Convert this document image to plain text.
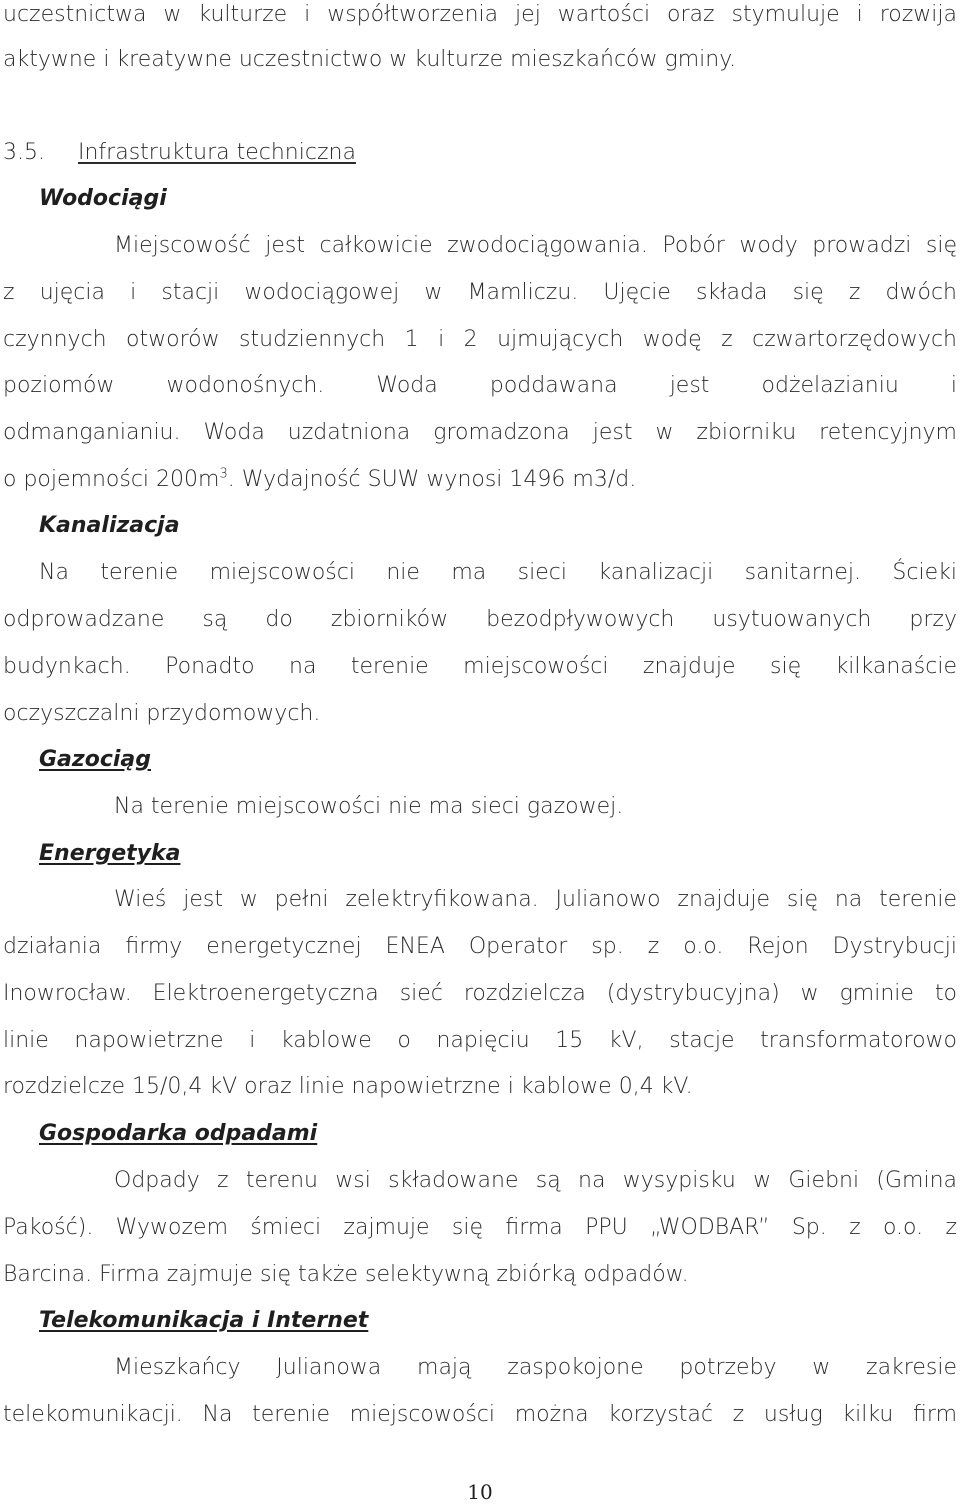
uczestnictwa w kulturze i współtworzenia jej wartości oraz stymuluje i rozwija
aktywne i kreatywne uczestnictwo w kulturze mieszkańców gminy.
3.5. Infrastruktura techniczna
Wodociągi
Miejscowość jest całkowicie zwodociągowania. Pobór wody prowadzi się
z ujęcia i stacji wodociągowej w Mamliczu. Ujęcie składa się z dwóch
czynnych otworów studziennych 1 i 2 ujmujących wodę z czwartorzędowych
poziomów wodonośnych. Woda poddawana jest odżelazianiu i
odmanganianiu. Woda uzdatniona gromadzona jest w zbiorniku retencyjnym
o pojemności $200m^3$. Wydajność SUW wynosi 1496 m3/d.
Kanalizacja
Na terenie miejscowości nie ma sieci kanalizacji sanitarnej. Ścieki
odprowadzane są do zbiorników bezodpływowych usytuowanych przy
budynkach. Ponadto na terenie miejscowości znajduje się kilkanaście
oczyszczalni przydomowych.
Gazociąg
Na terenie miejscowości nie ma sieci gazowej.
Energetyka
Wieś jest w pełni zelektryfikowana. Julianowo znajduje się na terenie
działania firmy energetycznej ENEA Operator sp. z o.o. Rejon Dystrybucji
Inowrocław. Elektroenergetyczna sieć rozdzielcza (dystrybucyjna) w gminie to
linie napowietrzne i kablowe o napięciu 15 kV, stacje transformatorowo
rozdzielcze 15/0,4 kV oraz linie napowietrzne i kablowe 0,4 kV.
Gospodarka odpadami
Odpady z terenu wsi składowane są na wysypisku w Giebni (Gmina
Pakość). Wywozem śmieci zajmuje się firma PPU „WODBAR” Sp. z o.o. z
Barcina. Firma zajmuje się także selektywną zbiórką odpadów.
Telekomunikacja i Internet
Mieszkańcy Julianowa mają zaspokojone potrzeby w zakresie
telekomunikacji. Na terenie miejscowości można korzystać z usług kilku firm
10
